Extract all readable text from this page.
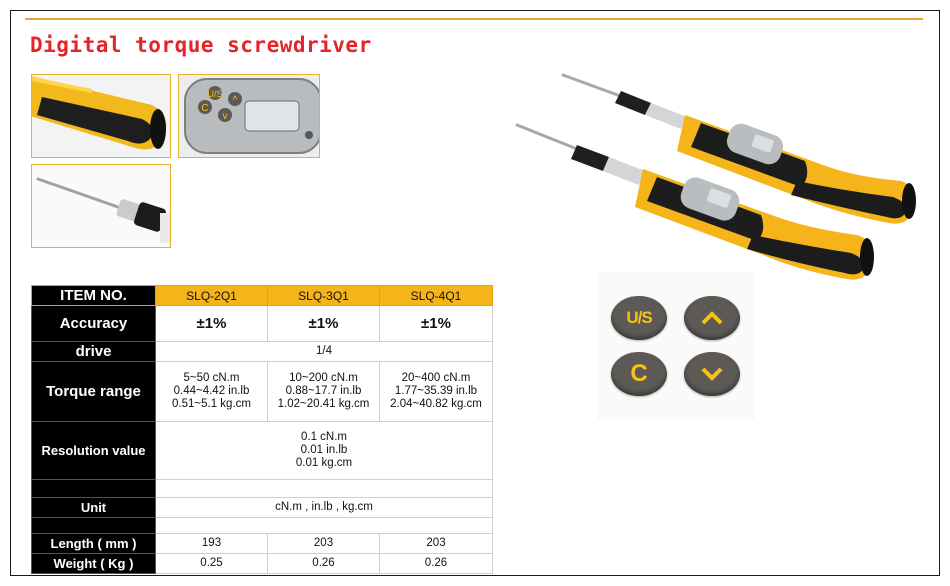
Digital torque screwdriver
U/S
^
C
v
ITEM NO.	SLQ-2Q1	SLQ-3Q1	SLQ-4Q1
Accuracy	±1%	±1%	±1%
drive	1/4		
Torque range	5~50 cN.m
0.44~4.42 in.lb
0.51~5.1 kg.cm	10~200 cN.m
0.88~17.7 in.lb
1.02~20.41 kg.cm	20~400 cN.m
1.77~35.39 in.lb
2.04~40.82 kg.cm

Resolution value	0.1 cN.m
0.01 in.lb
0.01 kg.cm		

Unit	cN.m , in.lb , kg.cm		

Length ( mm )	193	203	203
Weight ( Kg )	0.25	0.26	0.26
U/S
C
